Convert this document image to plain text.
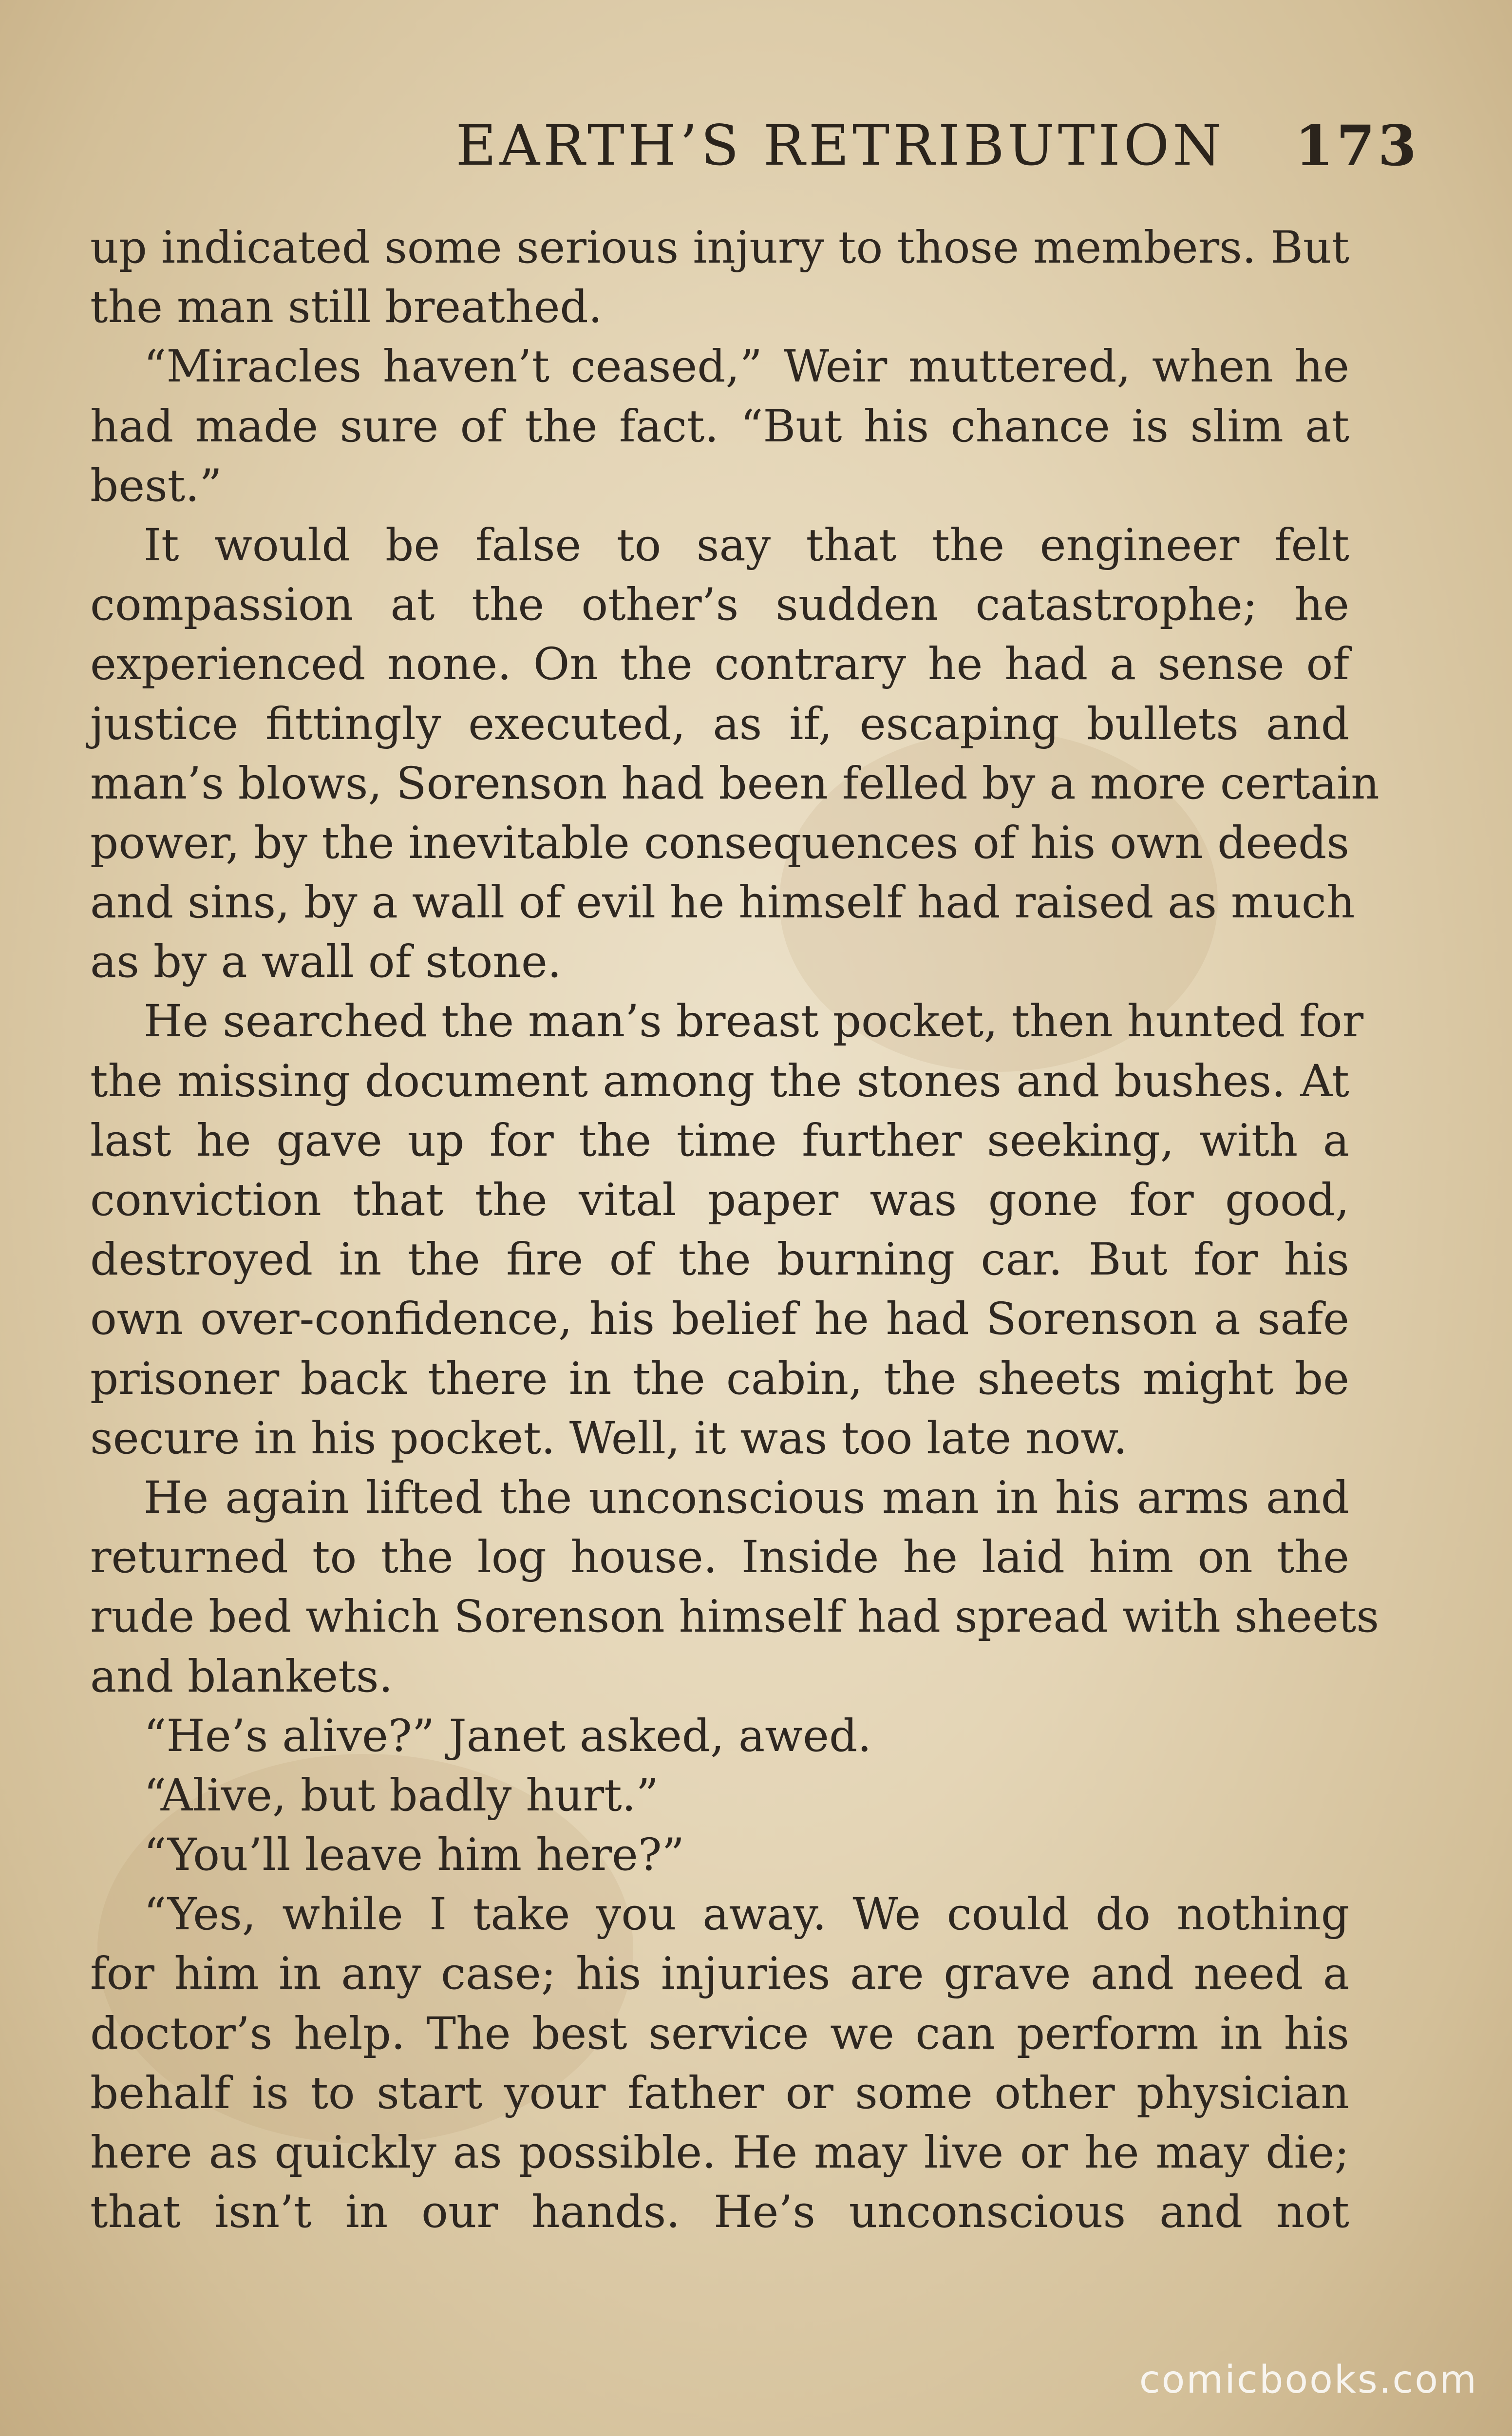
EARTH’S RETRIBUTION 173
up indicated some serious injury to those members. But
the man still breathed.
“Miracles haven’t ceased,” Weir muttered, when he
had made sure of the fact. “But his chance is slim at
best.”
It would be false to say that the engineer felt
compassion at the other’s sudden catastrophe; he
experienced none. On the contrary he had a sense of
justice fittingly executed, as if, escaping bullets and
man’s blows, Sorenson had been felled by a more certain
power, by the inevitable consequences of his own deeds
and sins, by a wall of evil he himself had raised as much
as by a wall of stone.
He searched the man’s breast pocket, then hunted for
the missing document among the stones and bushes. At
last he gave up for the time further seeking, with a
conviction that the vital paper was gone for good,
destroyed in the fire of the burning car. But for his
own over-confidence, his belief he had Sorenson a safe
prisoner back there in the cabin, the sheets might be
secure in his pocket. Well, it was too late now.
He again lifted the unconscious man in his arms and
returned to the log house. Inside he laid him on the
rude bed which Sorenson himself had spread with sheets
and blankets.
“He’s alive?” Janet asked, awed.
“Alive, but badly hurt.”
“You’ll leave him here?”
“Yes, while I take you away. We could do nothing
for him in any case; his injuries are grave and need a
doctor’s help. The best service we can perform in his
behalf is to start your father or some other physician
here as quickly as possible. He may live or he may die;
that isn’t in our hands. He’s unconscious and not
comicbooks.com
